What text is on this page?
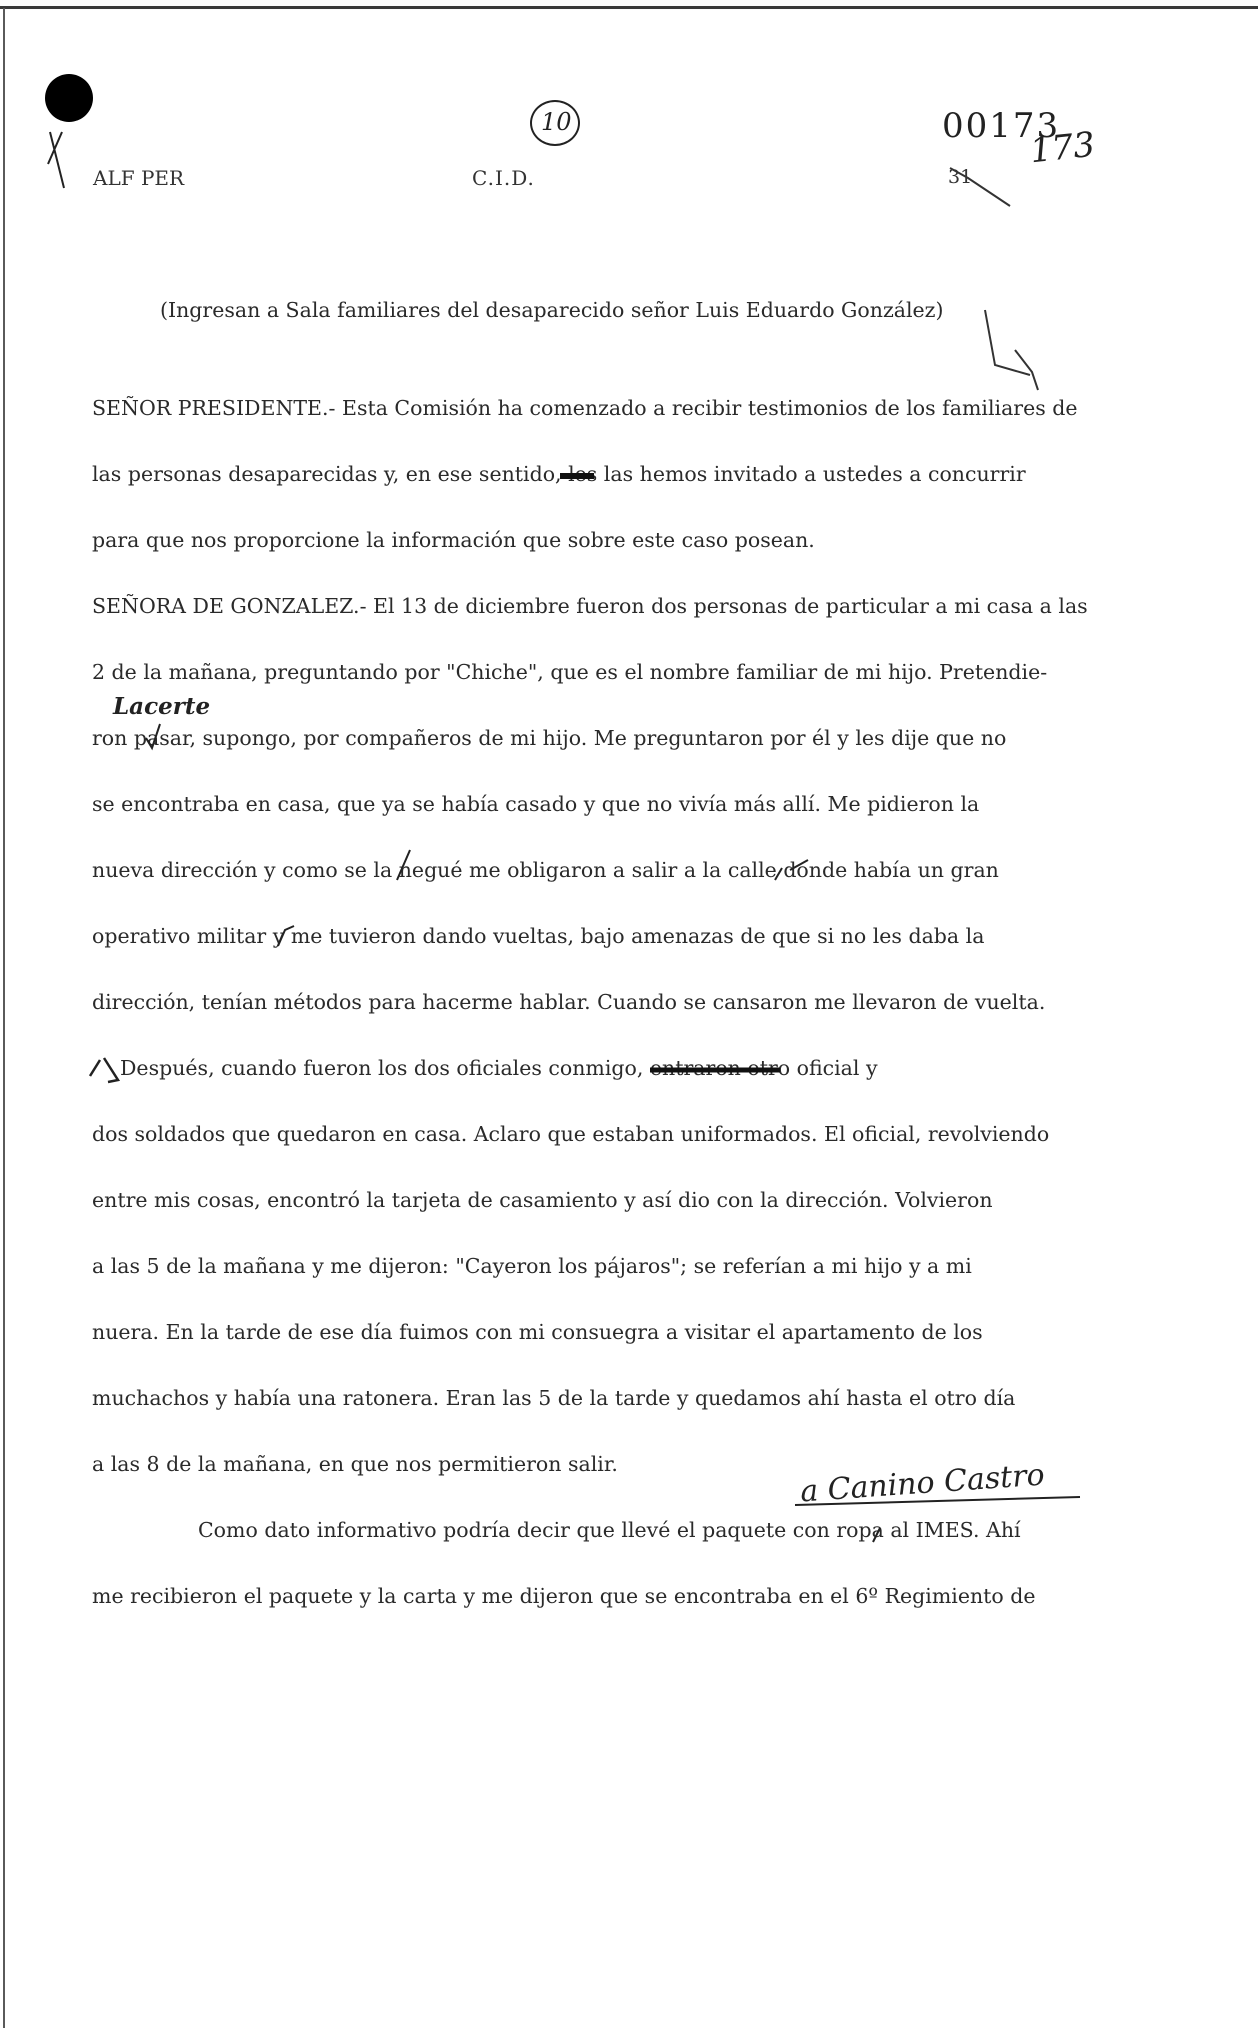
ALF PER	C.I.D.
00173
31
10
173
(Ingresan a Sala familiares del desaparecido señor Luis Eduardo González)
SEÑOR PRESIDENTE.- Esta Comisión ha comenzado a recibir testimonios de los familiares de
las personas desaparecidas y, en ese sentido, les las hemos invitado a ustedes a concurrir
para que nos proporcione la información que sobre este caso posean.
SEÑORA DE GONZALEZ.- El 13 de diciembre fueron dos personas de particular a mi casa a las
2 de la mañana, preguntando por "Chiche", que es el nombre familiar de mi hijo. Pretendie-
Lacerte
ron pasar, supongo, por compañeros de mi hijo. Me preguntaron por él y les dije que no
se encontraba en casa, que ya se había casado y que no vivía más allí. Me pidieron la
nueva dirección y como se la negué me obligaron a salir a la calle donde había un gran
operativo militar y me tuvieron dando vueltas, bajo amenazas de que si no les daba la
dirección, tenían métodos para hacerme hablar. Cuando se cansaron me llevaron de vuelta.
Después, cuando fueron los dos oficiales conmigo, entraron otro oficial y
dos soldados que quedaron en casa. Aclaro que estaban uniformados. El oficial, revolviendo
entre mis cosas, encontró la tarjeta de casamiento y así dio con la dirección. Volvieron
a las 5 de la mañana y me dijeron: "Cayeron los pájaros"; se referían a mi hijo y a mi
nuera. En la tarde de ese día fuimos con mi consuegra a visitar el apartamento de los
muchachos y había una ratonera. Eran las 5 de la tarde y quedamos ahí hasta el otro día
a las 8 de la mañana, en que nos permitieron salir.	a Canino Castro
Como dato informativo podría decir que llevé el paquete con ropa al IMES. Ahí
me recibieron el paquete y la carta y me dijeron que se encontraba en el 6º Regimiento de
